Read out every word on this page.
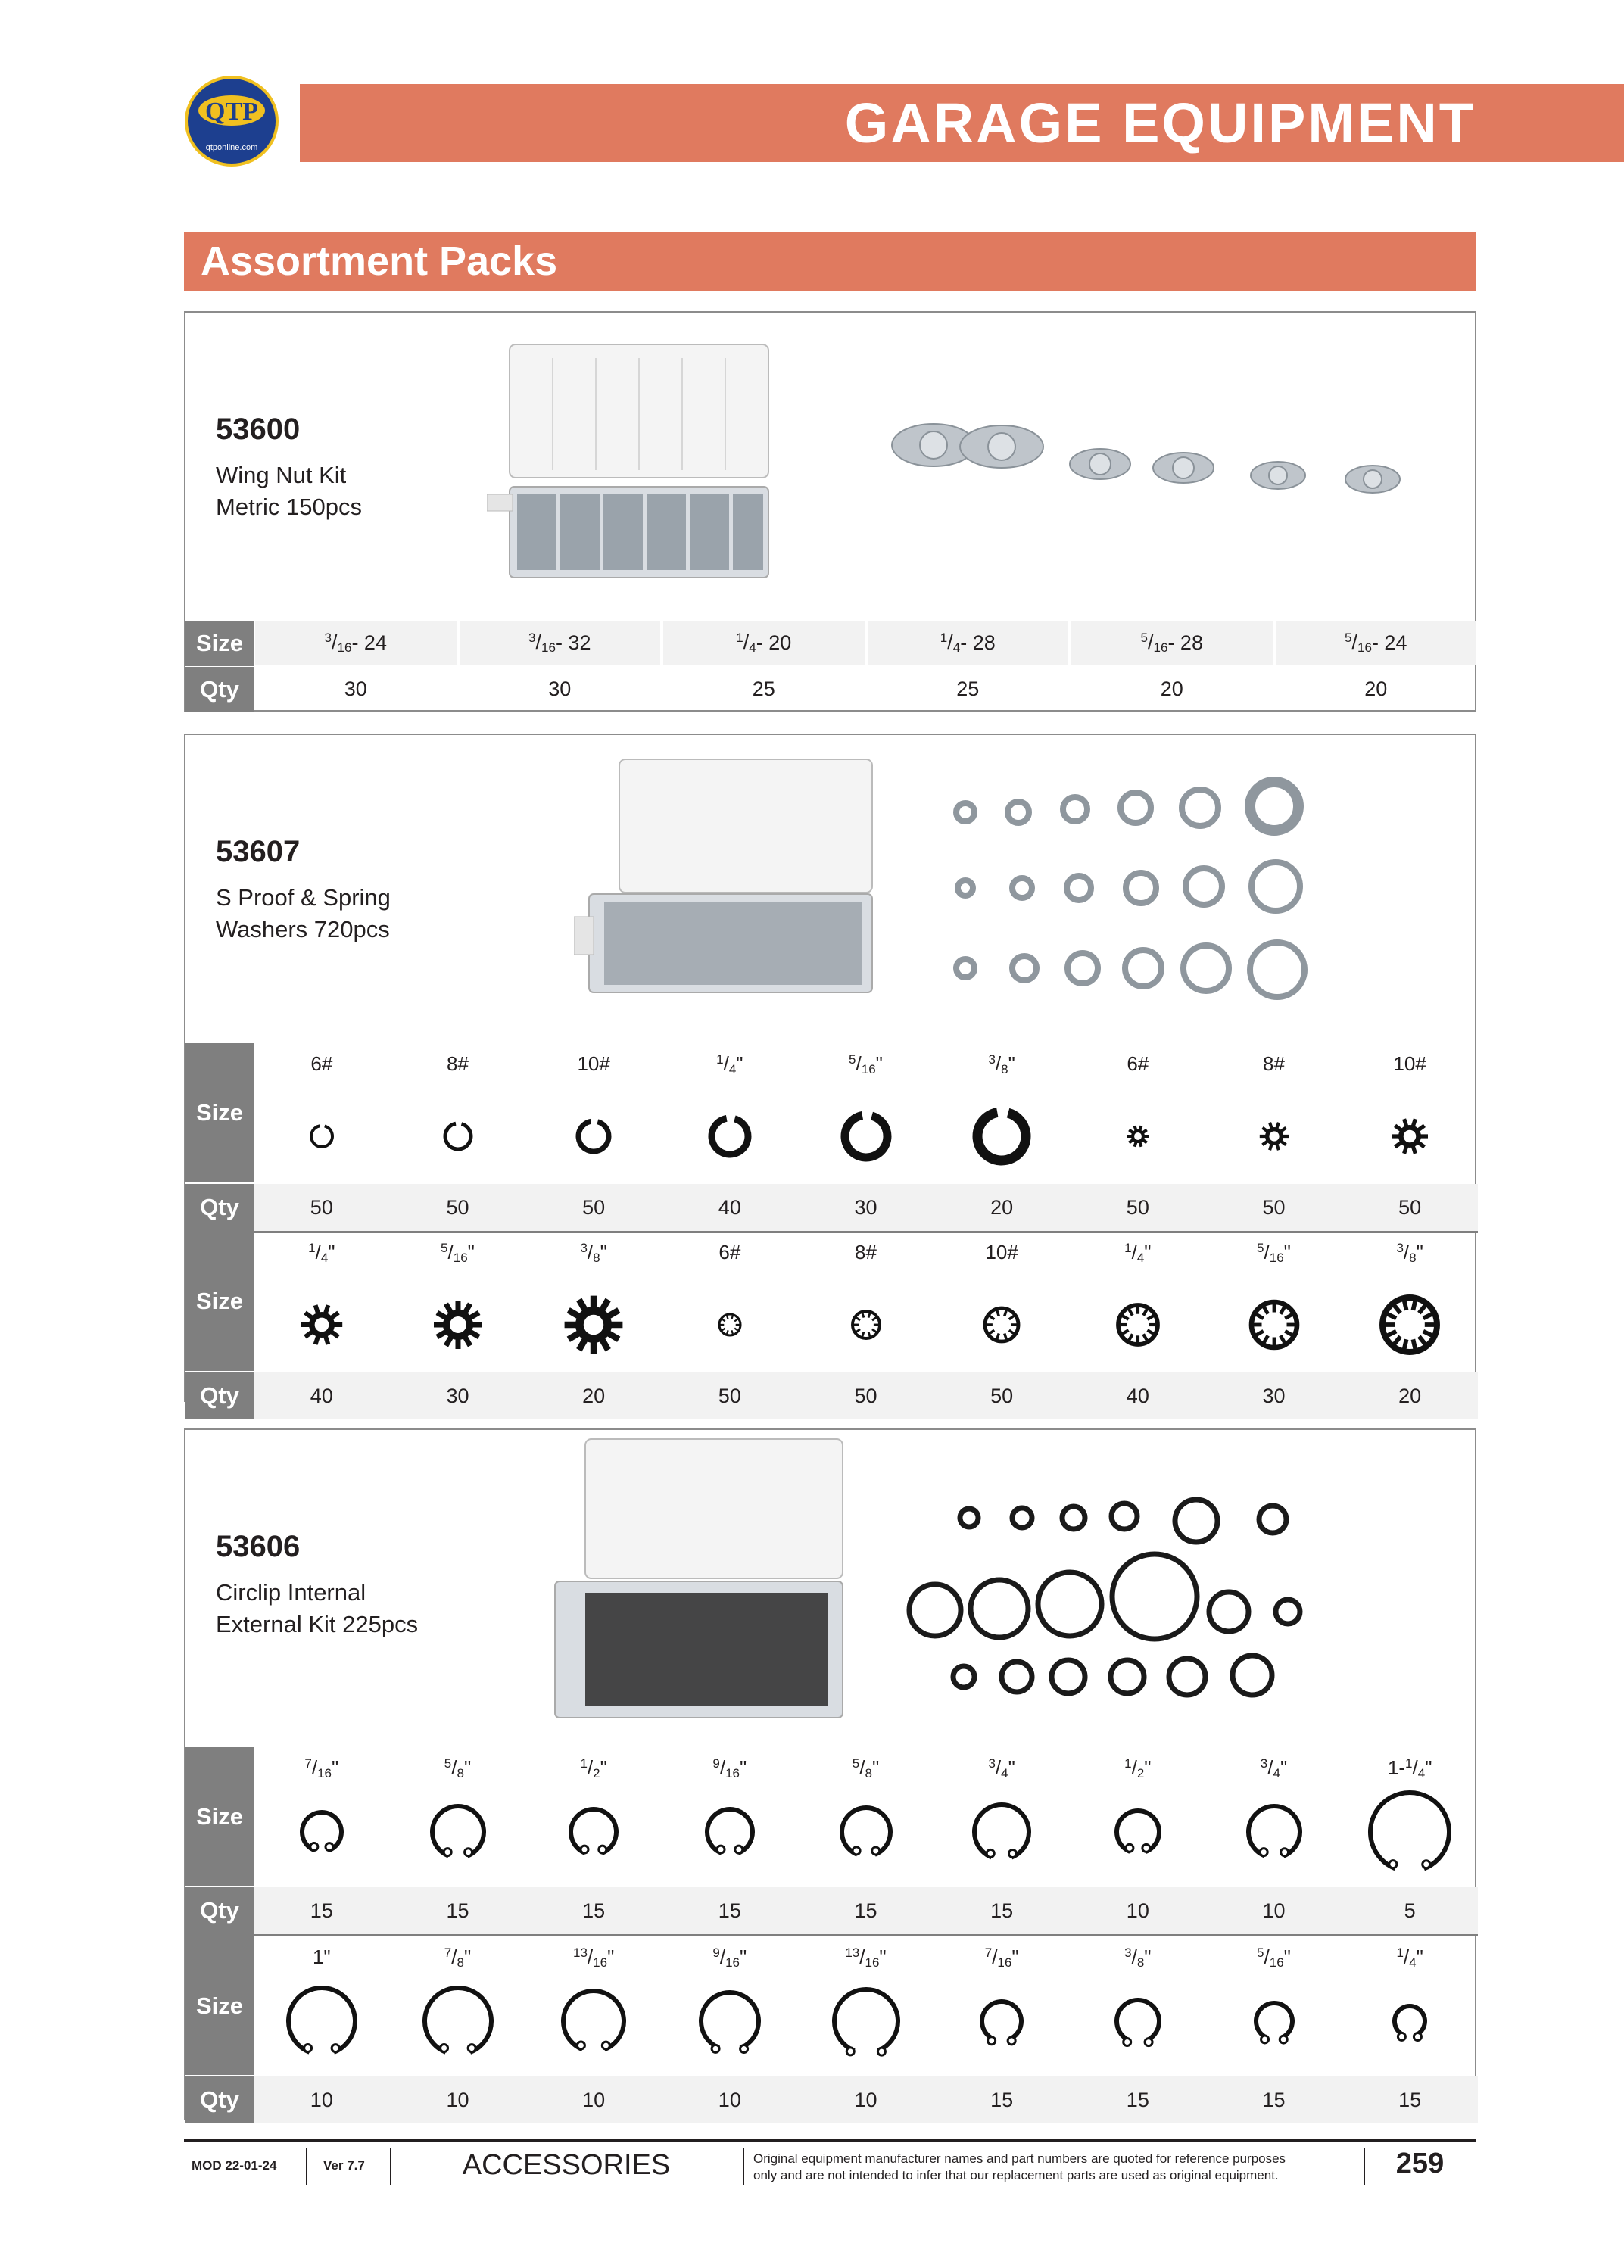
GARAGE EQUIPMENT
QTP
qtponline.com
Assortment Packs
53600
Wing Nut Kit
Metric 150pcs
Size
Qty
$^3/_{16} - 24$	$^3/_{16} - 32$	$^1/_4 - 20$	$^1/_4 - 28$	$^5/_{16} - 28$	$^5/_{16} - 24$
30	30	25	25	20	20
53607
S Proof & Spring
Washers 720pcs
Size
Qty
6#	8#	10#	$^1/_4$"	$^5/_{16}$"	$^3/_8$"	6#	8#	10#
50	50	50	40	30	20	50	50	50
Size
Qty
$^1/_4$"	$^5/_{16}$"	$^3/_8$"	6#	8#	10#	$^1/_4$"	$^5/_{16}$"	$^3/_8$"
40	30	20	50	50	50	40	30	20
53606
Circlip Internal
External Kit 225pcs
Size
Qty
$^7/_{16}$"	$^5/_8$"	$^1/_2$"	$^9/_{16}$"	$^5/_8$"	$^3/_4$"	$^1/_2$"	$^3/_4$"	$1-^1/_4$"
15	15	15	15	15	15	10	10	5
Size
Qty
1"	$^7/_8$"	$^{13}/_{16}$"	$^9/_{16}$"	$^{13}/_{16}$"	$^7/_{16}$"	$^3/_8$"	$^5/_{16}$"	$^1/_4$"
10	10	10	10	10	15	15	15	15
MOD 22-01-24	Ver 7.7	ACCESSORIES	Original equipment manufacturer names and part numbers are quoted for reference purposes
only and are not intended to infer that our replacement parts are used as original equipment.	259
